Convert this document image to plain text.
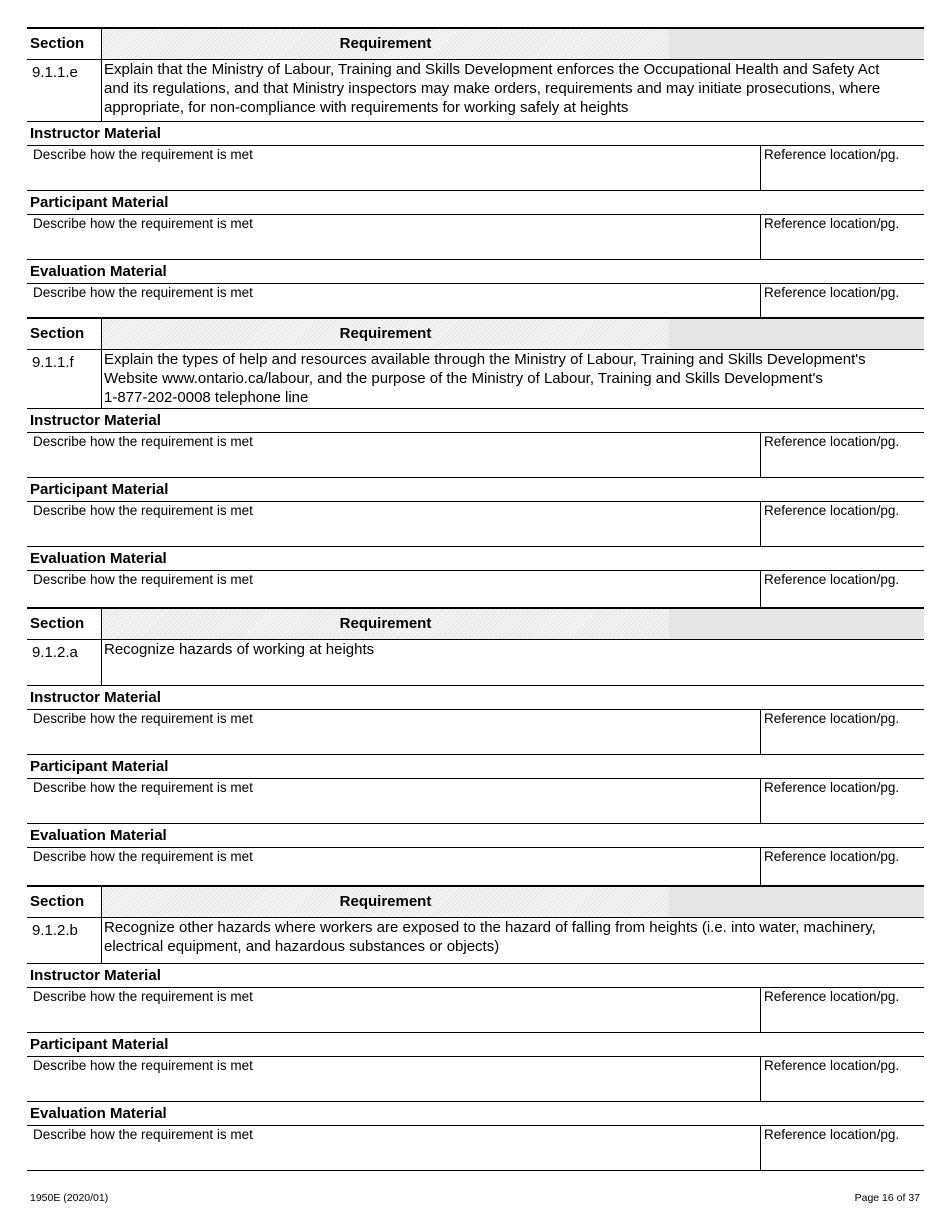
Section	Requirement
9.1.1.e	Explain that the Ministry of Labour, Training and Skills Development enforces the Occupational Health and Safety Act
and its regulations, and that Ministry inspectors may make orders, requirements and may initiate prosecutions, where
appropriate, for non-compliance with requirements for working safely at heights
Instructor Material
Describe how the requirement is met	Reference location/pg.
Participant Material
Describe how the requirement is met	Reference location/pg.
Evaluation Material
Describe how the requirement is met	Reference location/pg.
Section	Requirement
9.1.1.f	Explain the types of help and resources available through the Ministry of Labour, Training and Skills Development's
Website www.ontario.ca/labour, and the purpose of the Ministry of Labour, Training and Skills Development's
1-877-202-0008 telephone line
Instructor Material
Describe how the requirement is met	Reference location/pg.
Participant Material
Describe how the requirement is met	Reference location/pg.
Evaluation Material
Describe how the requirement is met	Reference location/pg.
Section	Requirement
9.1.2.a	Recognize hazards of working at heights
Instructor Material
Describe how the requirement is met	Reference location/pg.
Participant Material
Describe how the requirement is met	Reference location/pg.
Evaluation Material
Describe how the requirement is met	Reference location/pg.
Section	Requirement
9.1.2.b	Recognize other hazards where workers are exposed to the hazard of falling from heights (i.e. into water, machinery,
electrical equipment, and hazardous substances or objects)
Instructor Material
Describe how the requirement is met	Reference location/pg.
Participant Material
Describe how the requirement is met	Reference location/pg.
Evaluation Material
Describe how the requirement is met	Reference location/pg.
1950E (2020/01)	Page 16 of 37
